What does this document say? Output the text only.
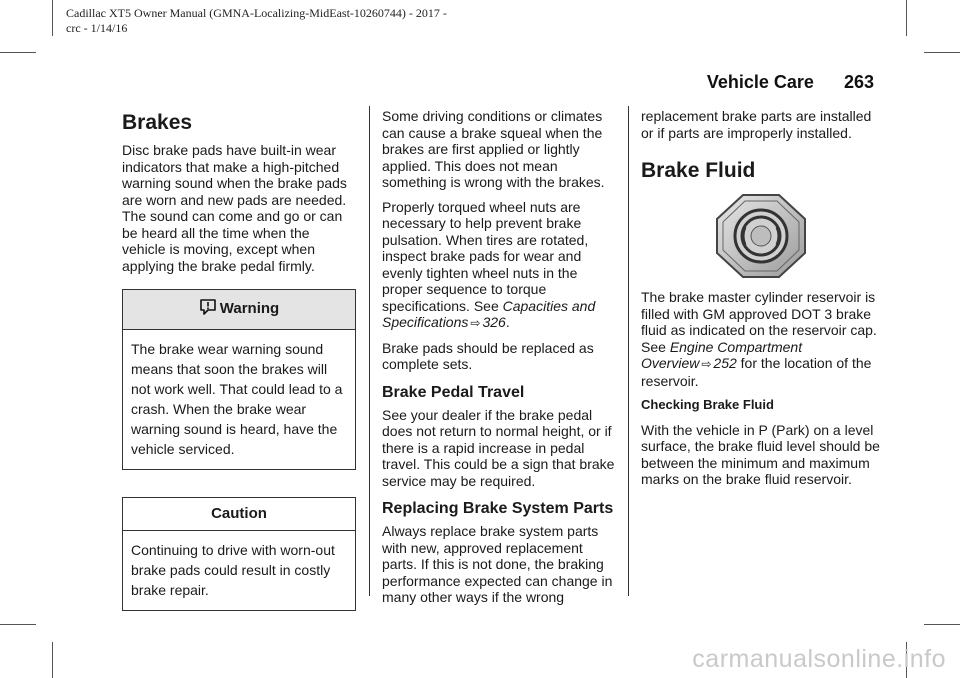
Cadillac XT5 Owner Manual (GMNA-Localizing-MidEast-10260744) - 2017 -
crc - 1/14/16
Vehicle Care 263
Brakes

Disc brake pads have built-in wear indicators that make a high-pitched warning sound when the brake pads are worn and new pads are needed. The sound can come and go or can be heard all the time when the vehicle is moving, except when applying the brake pedal firmly.

Warning
The brake wear warning sound means that soon the brakes will not work well. That could lead to a crash. When the brake wear warning sound is heard, have the vehicle serviced.
Caution
Continuing to drive with worn-out brake pads could result in costly brake repair.

Some driving conditions or climates can cause a brake squeal when the brakes are first applied or lightly applied. This does not mean something is wrong with the brakes.

Properly torqued wheel nuts are necessary to help prevent brake pulsation. When tires are rotated, inspect brake pads for wear and evenly tighten wheel nuts in the proper sequence to torque specifications. See Capacities and Specifications ⇨ 326.

Brake pads should be replaced as complete sets.

Brake Pedal Travel

See your dealer if the brake pedal does not return to normal height, or if there is a rapid increase in pedal travel. This could be a sign that brake service may be required.

Replacing Brake System Parts

Always replace brake system parts with new, approved replacement parts. If this is not done, the braking performance expected can change in many other ways if the wrong

replacement brake parts are installed or if parts are improperly installed.

Brake Fluid

The brake master cylinder reservoir is filled with GM approved DOT 3 brake fluid as indicated on the reservoir cap. See Engine Compartment Overview ⇨ 252 for the location of the reservoir.

Checking Brake Fluid

With the vehicle in P (Park) on a level surface, the brake fluid level should be between the minimum and maximum marks on the brake fluid reservoir.

carmanualsonline.info
